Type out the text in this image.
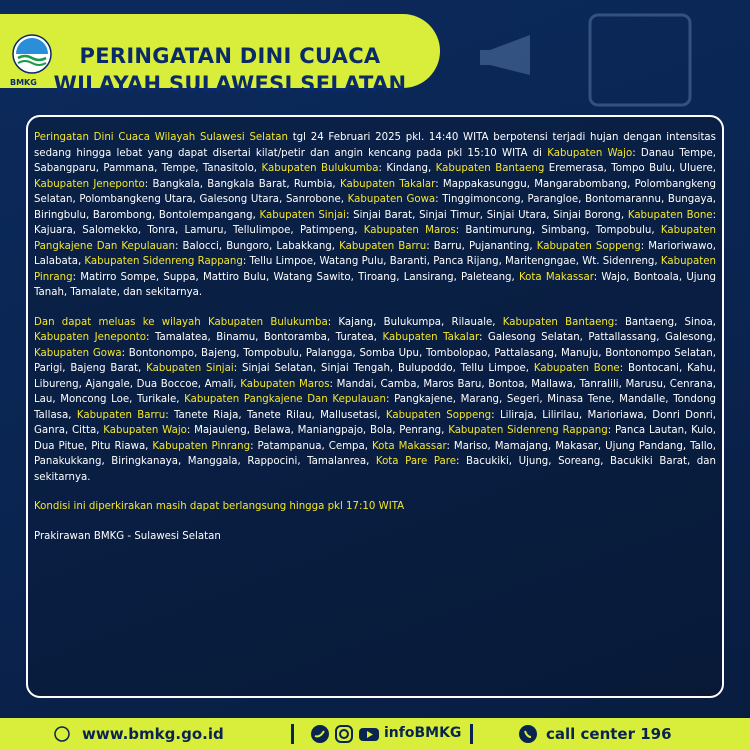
BMKG
PERINGATAN DINI CUACA
WILAYAH SULAWESI SELATAN

Peringatan Dini Cuaca Wilayah Sulawesi Selatan tgl 24 Februari 2025 pkl. 14:40 WITA berpotensi terjadi hujan dengan intensitas sedang hingga lebat yang dapat disertai kilat/petir dan angin kencang pada pkl 15:10 WITA di Kabupaten Wajo: Danau Tempe, Sabangparu, Pammana, Tempe, Tanasitolo, Kabupaten Bulukumba: Kindang, Kabupaten Bantaeng Eremerasa, Tompo Bulu, Uluere, Kabupaten Jeneponto: Bangkala, Bangkala Barat, Rumbia, Kabupaten Takalar: Mappakasunggu, Mangarabombang, Polombangkeng Selatan, Polombangkeng Utara, Galesong Utara, Sanrobone, Kabupaten Gowa: Tinggimoncong, Parangloe, Bontomarannu, Bungaya, Biringbulu, Barombong, Bontolempangang, Kabupaten Sinjai: Sinjai Barat, Sinjai Timur, Sinjai Utara, Sinjai Borong, Kabupaten Bone: Kajuara, Salomekko, Tonra, Lamuru, Tellulimpoe, Patimpeng, Kabupaten Maros: Bantimurung, Simbang, Tompobulu, Kabupaten Pangkajene Dan Kepulauan: Balocci, Bungoro, Labakkang, Kabupaten Barru: Barru, Pujananting, Kabupaten Soppeng: Marioriwawo, Lalabata, Kabupaten Sidenreng Rappang: Tellu Limpoe, Watang Pulu, Baranti, Panca Rijang, Maritengngae, Wt. Sidenreng, Kabupaten Pinrang: Matirro Sompe, Suppa, Mattiro Bulu, Watang Sawito, Tiroang, Lansirang, Paleteang, Kota Makassar: Wajo, Bontoala, Ujung Tanah, Tamalate, dan sekitarnya.

Dan dapat meluas ke wilayah Kabupaten Bulukumba: Kajang, Bulukumpa, Rilauale, Kabupaten Bantaeng: Bantaeng, Sinoa, Kabupaten Jeneponto: Tamalatea, Binamu, Bontoramba, Turatea, Kabupaten Takalar: Galesong Selatan, Pattallassang, Galesong, Kabupaten Gowa: Bontonompo, Bajeng, Tompobulu, Palangga, Somba Upu, Tombolopao, Pattalasang, Manuju, Bontonompo Selatan, Parigi, Bajeng Barat, Kabupaten Sinjai: Sinjai Selatan, Sinjai Tengah, Bulupoddo, Tellu Limpoe, Kabupaten Bone: Bontocani, Kahu, Libureng, Ajangale, Dua Boccoe, Amali, Kabupaten Maros: Mandai, Camba, Maros Baru, Bontoa, Mallawa, Tanralili, Marusu, Cenrana, Lau, Moncong Loe, Turikale, Kabupaten Pangkajene Dan Kepulauan: Pangkajene, Marang, Segeri, Minasa Tene, Mandalle, Tondong Tallasa, Kabupaten Barru: Tanete Riaja, Tanete Rilau, Mallusetasi, Kabupaten Soppeng: Liliraja, Lilirilau, Marioriawa, Donri Donri, Ganra, Citta, Kabupaten Wajo: Majauleng, Belawa, Maniangpajo, Bola, Penrang, Kabupaten Sidenreng Rappang: Panca Lautan, Kulo, Dua Pitue, Pitu Riawa, Kabupaten Pinrang: Patampanua, Cempa, Kota Makassar: Mariso, Mamajang, Makasar, Ujung Pandang, Tallo, Panakukkang, Biringkanaya, Manggala, Rappocini, Tamalanrea, Kota Pare Pare: Bacukiki, Ujung, Soreang, Bacukiki Barat, dan sekitarnya.

Kondisi ini diperkirakan masih dapat berlangsung hingga pkl 17:10 WITA

Prakirawan BMKG - Sulawesi Selatan

www.bmkg.go.id	infoBMKG	call center 196
